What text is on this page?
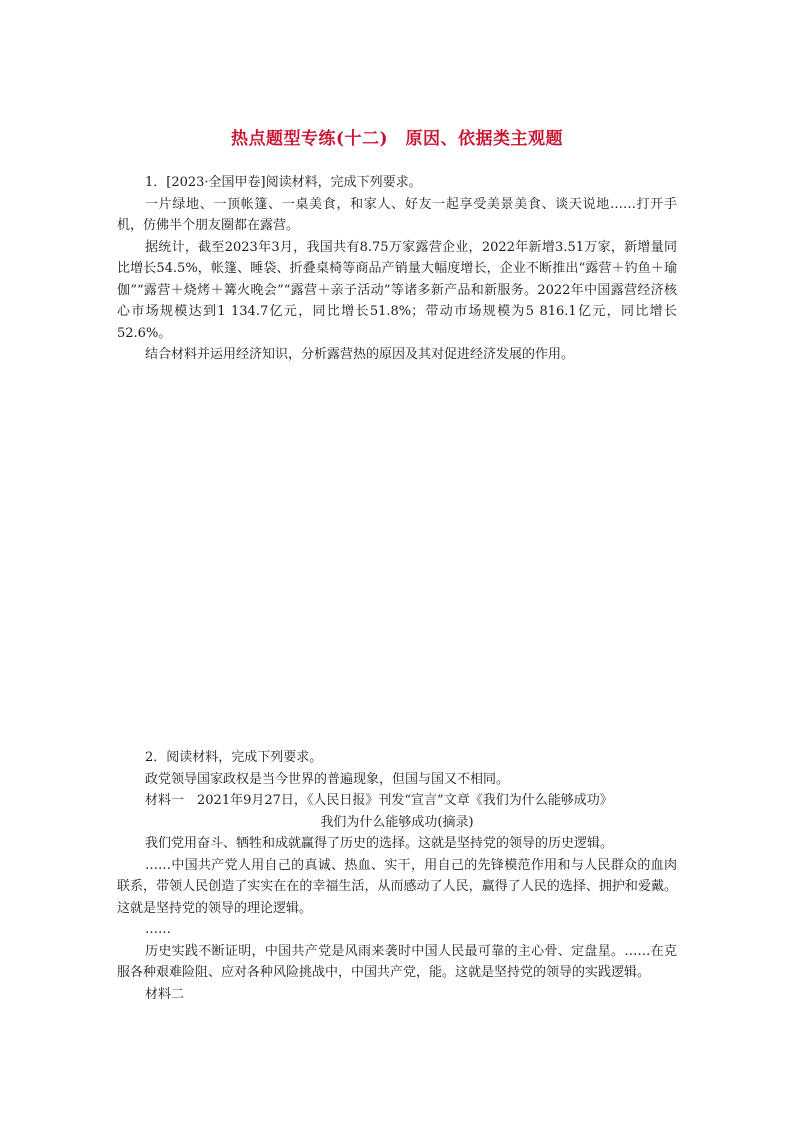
热点题型专练(十二)　原因、依据类主观题

1．[2023·全国甲卷]阅读材料，完成下列要求。

一片绿地、一顶帐篷、一桌美食，和家人、好友一起享受美景美食、谈天说地……打开手机，仿佛半个朋友圈都在露营。

据统计，截至2023年3月，我国共有8.75万家露营企业，2022年新增3.51万家，新增量同比增长54.5%，帐篷、睡袋、折叠桌椅等商品产销量大幅度增长，企业不断推出“露营＋钓鱼＋瑜伽”“露营＋烧烤＋篝火晚会”“露营＋亲子活动”等诸多新产品和新服务。2022年中国露营经济核心市场规模达到1 134.7亿元，同比增长51.8%；带动市场规模为5 816.1亿元，同比增长52.6%。

结合材料并运用经济知识，分析露营热的原因及其对促进经济发展的作用。

2．阅读材料，完成下列要求。

政党领导国家政权是当今世界的普遍现象，但国与国又不相同。

材料一　2021年9月27日，《人民日报》刊发“宣言”文章《我们为什么能够成功》

我们为什么能够成功(摘录)

我们党用奋斗、牺牲和成就赢得了历史的选择。这就是坚持党的领导的历史逻辑。

……中国共产党人用自己的真诚、热血、实干，用自己的先锋模范作用和与人民群众的血肉联系，带领人民创造了实实在在的幸福生活，从而感动了人民，赢得了人民的选择、拥护和爱戴。这就是坚持党的领导的理论逻辑。

……

历史实践不断证明，中国共产党是风雨来袭时中国人民最可靠的主心骨、定盘星。……在克服各种艰难险阻、应对各种风险挑战中，中国共产党，能。这就是坚持党的领导的实践逻辑。

材料二
